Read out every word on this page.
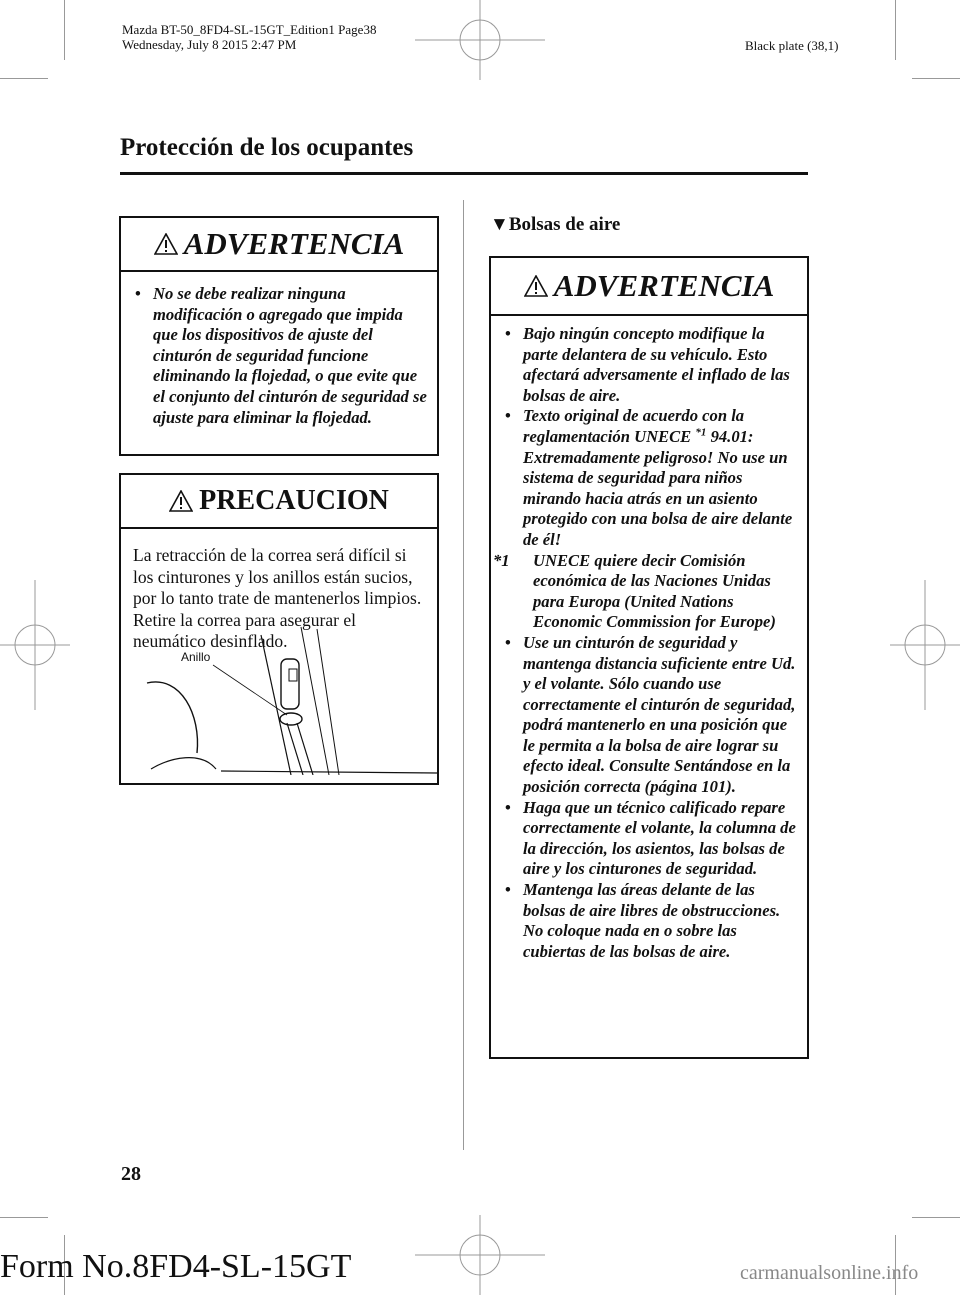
Mazda BT-50_8FD4-SL-15GT_Edition1 Page38
Wednesday, July 8 2015 2:47 PM	Black plate (38,1)
Protección de los ocupantes
ADVERTENCIA
• No se debe realizar ninguna modificación o agregado que impida que los dispositivos de ajuste del cinturón de seguridad funcione eliminando la flojedad, o que evite que el conjunto del cinturón de seguridad se ajuste para eliminar la flojedad.
PRECAUCION
La retracción de la correa será difícil si los cinturones y los anillos están sucios, por lo tanto trate de mantenerlos limpios. Retire la correa para asegurar el neumático desinflado.
Anillo
▼Bolsas de aire
ADVERTENCIA
• Bajo ningún concepto modifique la parte delantera de su vehículo. Esto afectará adversamente el inflado de las bolsas de aire.
• Texto original de acuerdo con la reglamentación UNECE $^{*1}$ 94.01: Extremadamente peligroso! No use un sistema de seguridad para niños mirando hacia atrás en un asiento protegido con una bolsa de aire delante de él!
*1 UNECE quiere decir Comisión económica de las Naciones Unidas para Europa (United Nations Economic Commission for Europe)
• Use un cinturón de seguridad y mantenga distancia suficiente entre Ud. y el volante. Sólo cuando use correctamente el cinturón de seguridad, podrá mantenerlo en una posición que le permita a la bolsa de aire lograr su efecto ideal. Consulte Sentándose en la posición correcta (página 101).
• Haga que un técnico calificado repare correctamente el volante, la columna de la dirección, los asientos, las bolsas de aire y los cinturones de seguridad.
• Mantenga las áreas delante de las bolsas de aire libres de obstrucciones. No coloque nada en o sobre las cubiertas de las bolsas de aire.
28
Form No.8FD4-SL-15GT	carmanualsonline.info
